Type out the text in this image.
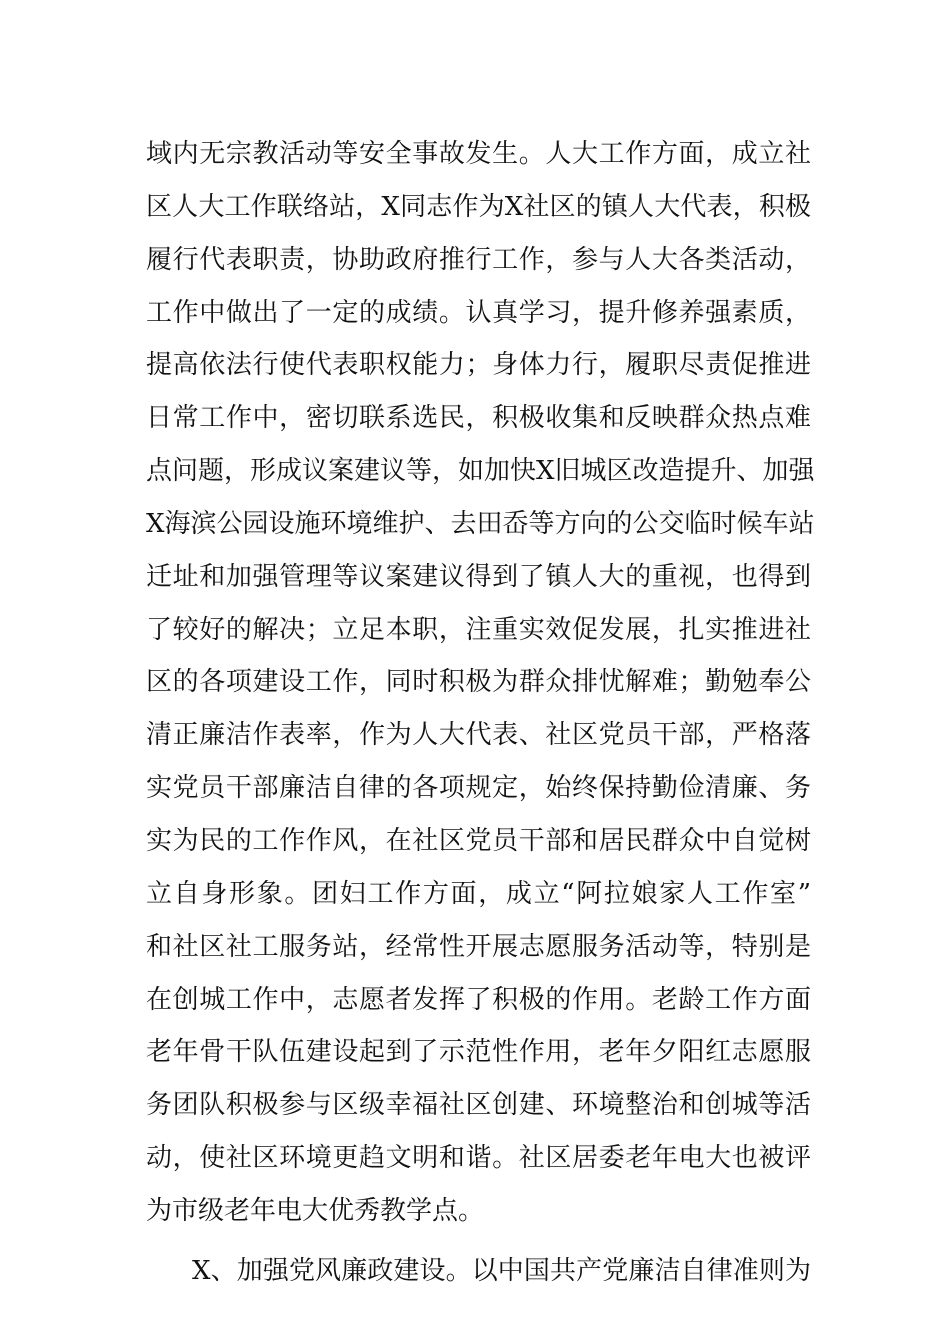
域内无宗教活动等安全事故发生。人大工作方面，成立社
区人大工作联络站，X同志作为X社区的镇人大代表，积极
履行代表职责，协助政府推行工作，参与人大各类活动，
工作中做出了一定的成绩。认真学习，提升修养强素质，
提高依法行使代表职权能力；身体力行，履职尽责促推进
日常工作中，密切联系选民，积极收集和反映群众热点难
点问题，形成议案建议等，如加快X旧城区改造提升、加强
X海滨公园设施环境维护、去田岙等方向的公交临时候车站
迁址和加强管理等议案建议得到了镇人大的重视，也得到
了较好的解决；立足本职，注重实效促发展，扎实推进社
区的各项建设工作，同时积极为群众排忧解难；勤勉奉公
清正廉洁作表率，作为人大代表、社区党员干部，严格落
实党员干部廉洁自律的各项规定，始终保持勤俭清廉、务
实为民的工作作风，在社区党员干部和居民群众中自觉树
立自身形象。团妇工作方面，成立“阿拉娘家人工作室”
和社区社工服务站，经常性开展志愿服务活动等，特别是
在创城工作中，志愿者发挥了积极的作用。老龄工作方面
老年骨干队伍建设起到了示范性作用，老年夕阳红志愿服
务团队积极参与区级幸福社区创建、环境整治和创城等活
动，使社区环境更趋文明和谐。社区居委老年电大也被评
为市级老年电大优秀教学点。
X、加强党风廉政建设。以中国共产党廉洁自律准则为
